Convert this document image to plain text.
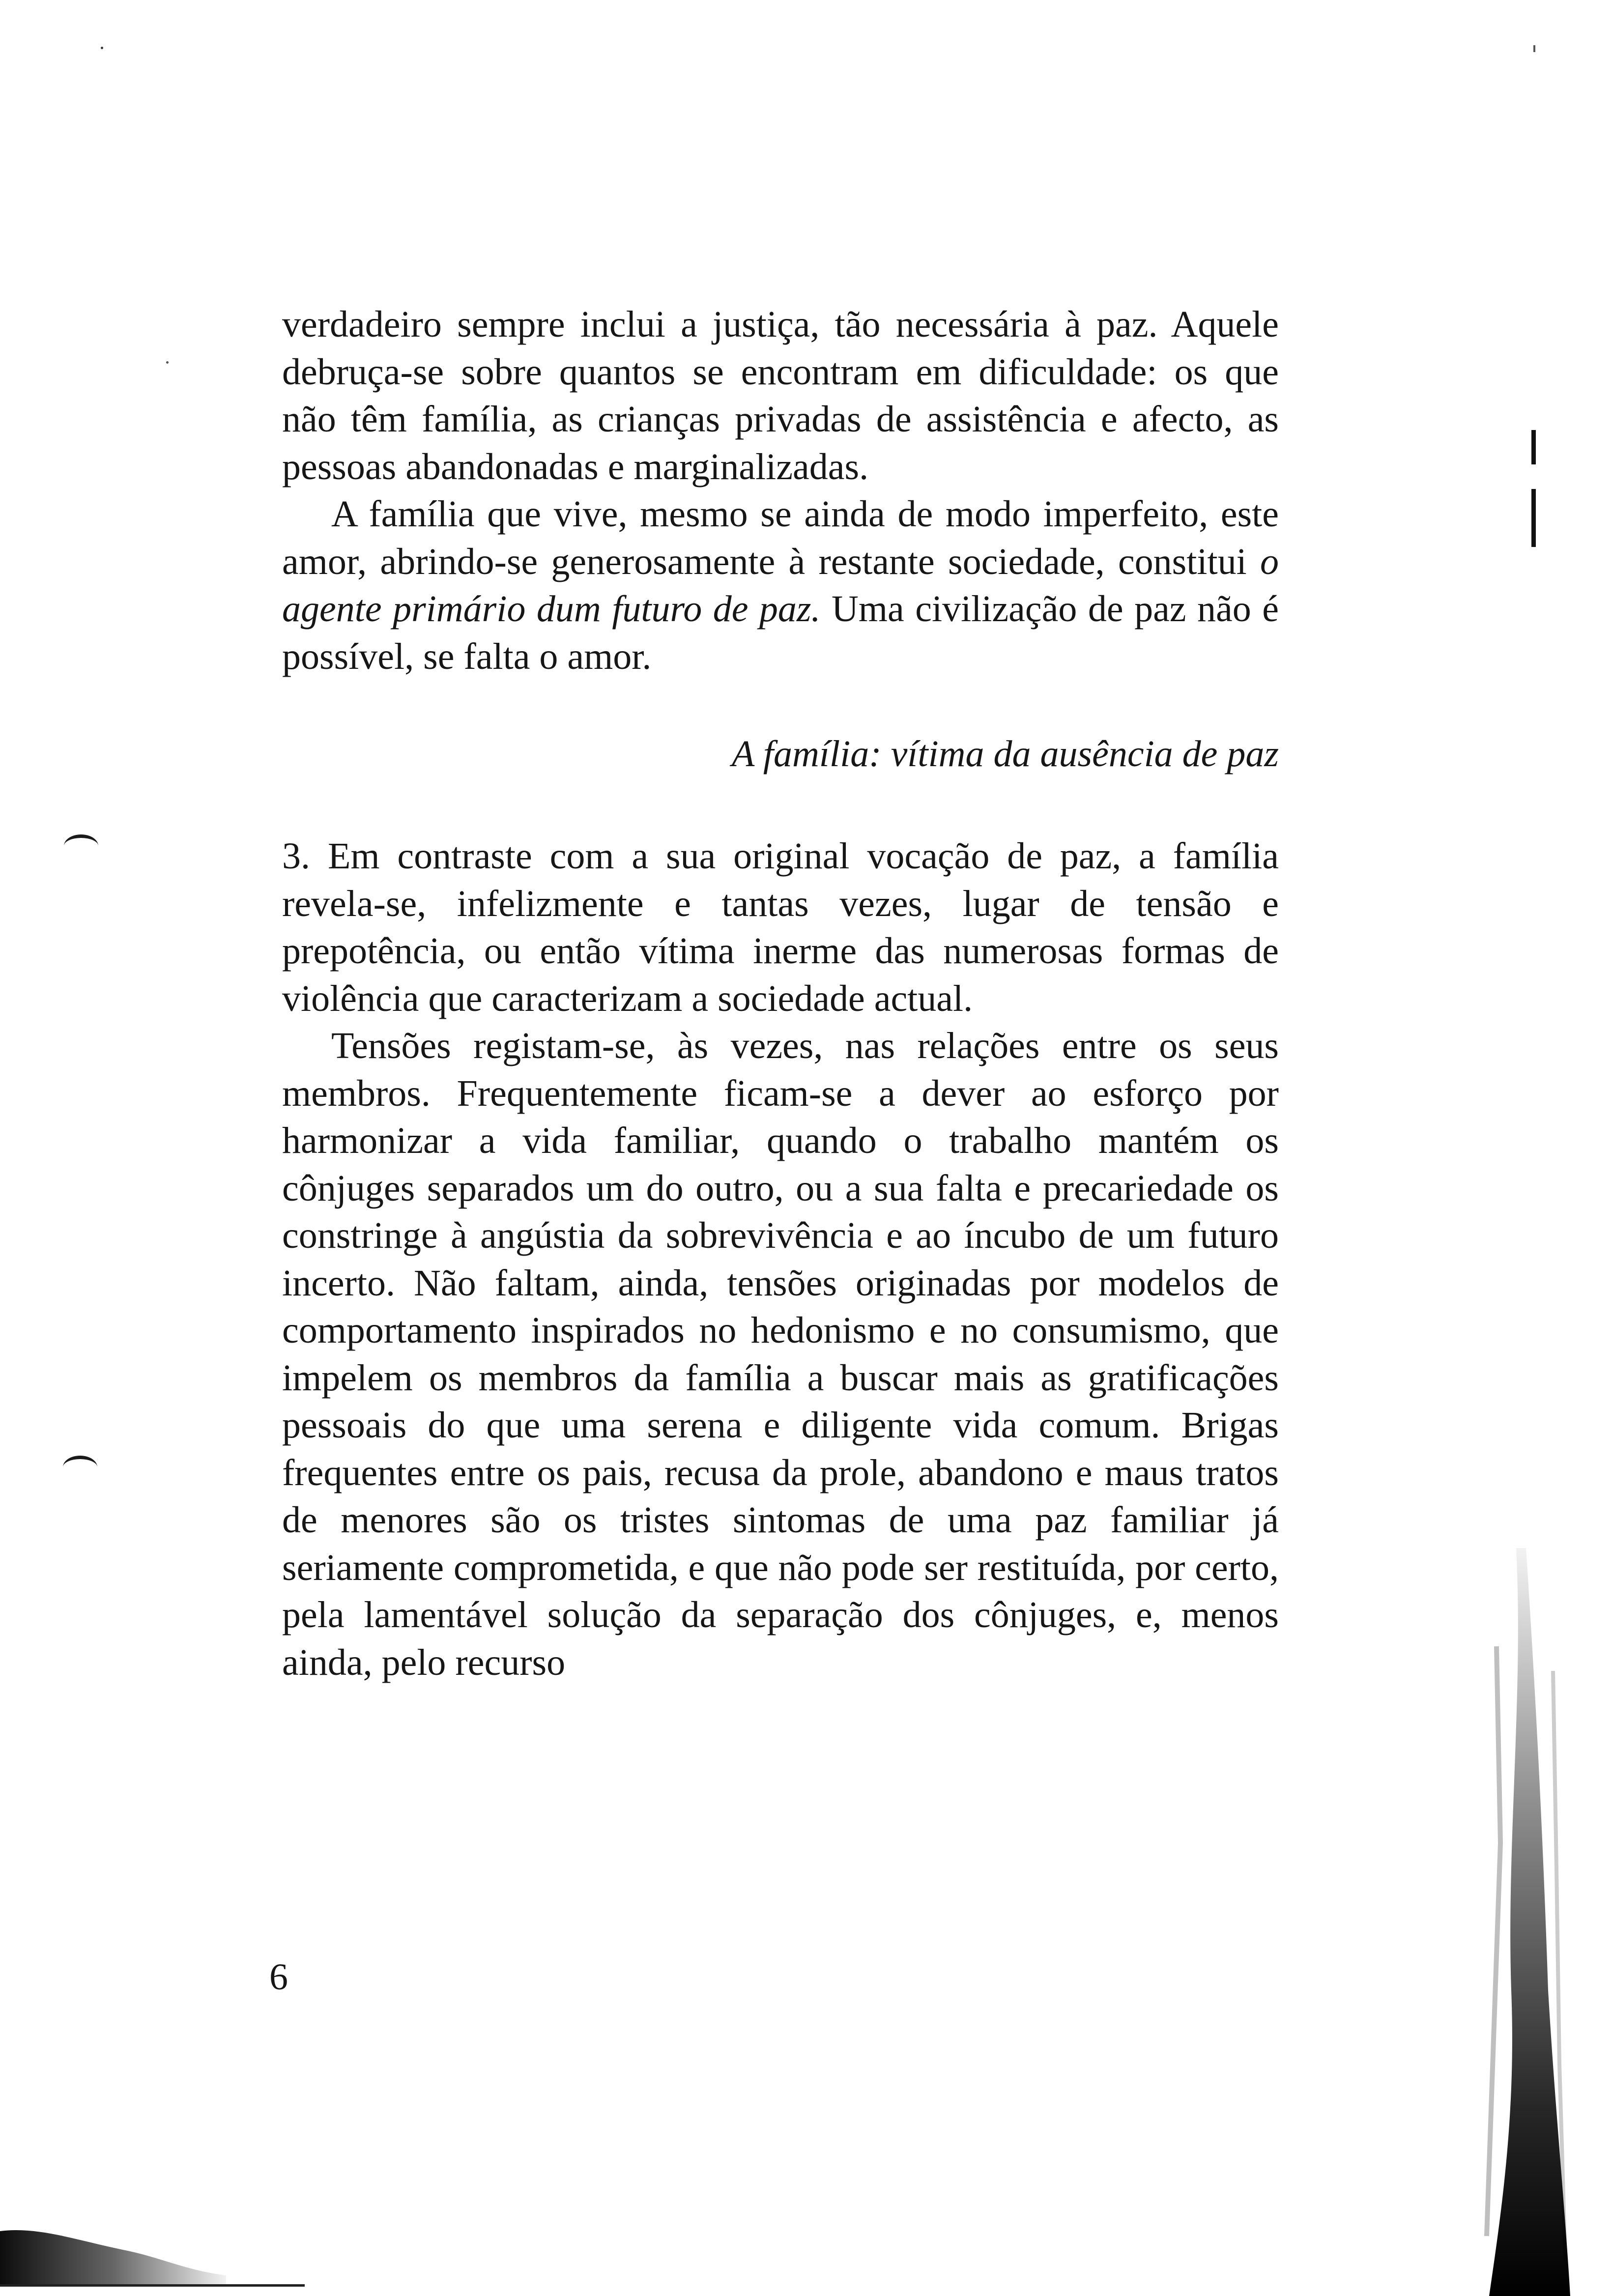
verdadeiro sempre inclui a justiça, tão necessária à paz. Aquele debruça-se sobre quantos se encontram em dificuldade: os que não têm família, as crianças privadas de assistência e afecto, as pessoas abandonadas e marginalizadas.

A família que vive, mesmo se ainda de modo imperfeito, este amor, abrindo-se generosamente à restante sociedade, constitui o agente primário dum futuro de paz. Uma civilização de paz não é possível, se falta o amor.

A família: vítima da ausência de paz

3. Em contraste com a sua original vocação de paz, a família revela-se, infelizmente e tantas vezes, lugar de tensão e prepotência, ou então vítima inerme das numerosas formas de violência que caracterizam a sociedade actual.

Tensões registam-se, às vezes, nas relações entre os seus membros. Frequentemente ficam-se a dever ao esforço por harmonizar a vida familiar, quando o trabalho mantém os cônjuges separados um do outro, ou a sua falta e precariedade os constringe à angústia da sobrevivência e ao íncubo de um futuro incerto. Não faltam, ainda, tensões originadas por modelos de comportamento inspirados no hedonismo e no consumismo, que impelem os membros da família a buscar mais as gratificações pessoais do que uma serena e diligente vida comum. Brigas frequentes entre os pais, recusa da prole, abandono e maus tratos de menores são os tristes sintomas de uma paz familiar já seriamente comprometida, e que não pode ser restituída, por certo, pela lamentável solução da separação dos cônjuges, e, menos ainda, pelo recurso

6
